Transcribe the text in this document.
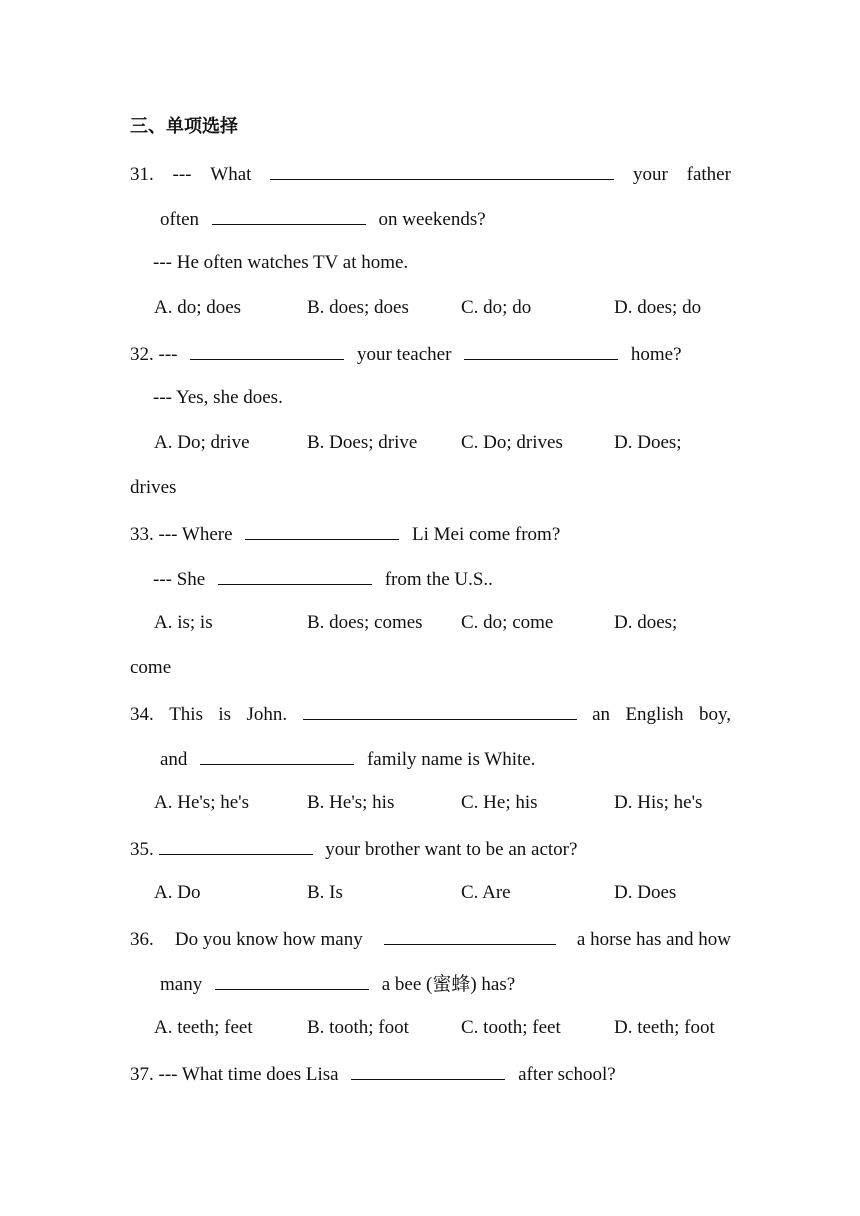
三、单项选择
31. --- What	your father
often	on weekends?
--- He often watches TV at home.
A. do; does	B. does; does	C. do; do	D. does; do
32. ---	your teacher	home?
--- Yes, she does.
A. Do; drive	B. Does; drive C. Do; drives	D. Does;
drives
33. --- Where	Li Mei come from?
--- She	from the U.S..
A. is; is	B. does; comes C. do; come	D. does;
come
34. This is John.	an English boy,
and	family name is White.
A. He's; he's	B. He's; his	C. He; his	D. His; he's
35.	your brother want to be an actor?
A. Do	B. Is	C. Are	D. Does
36. Do you know how many	a horse has and how
many	a bee (蜜蜂) has?
A. teeth; feet	B. tooth; foot	C. tooth; feet	D. teeth; foot
37. --- What time does Lisa	after school?
